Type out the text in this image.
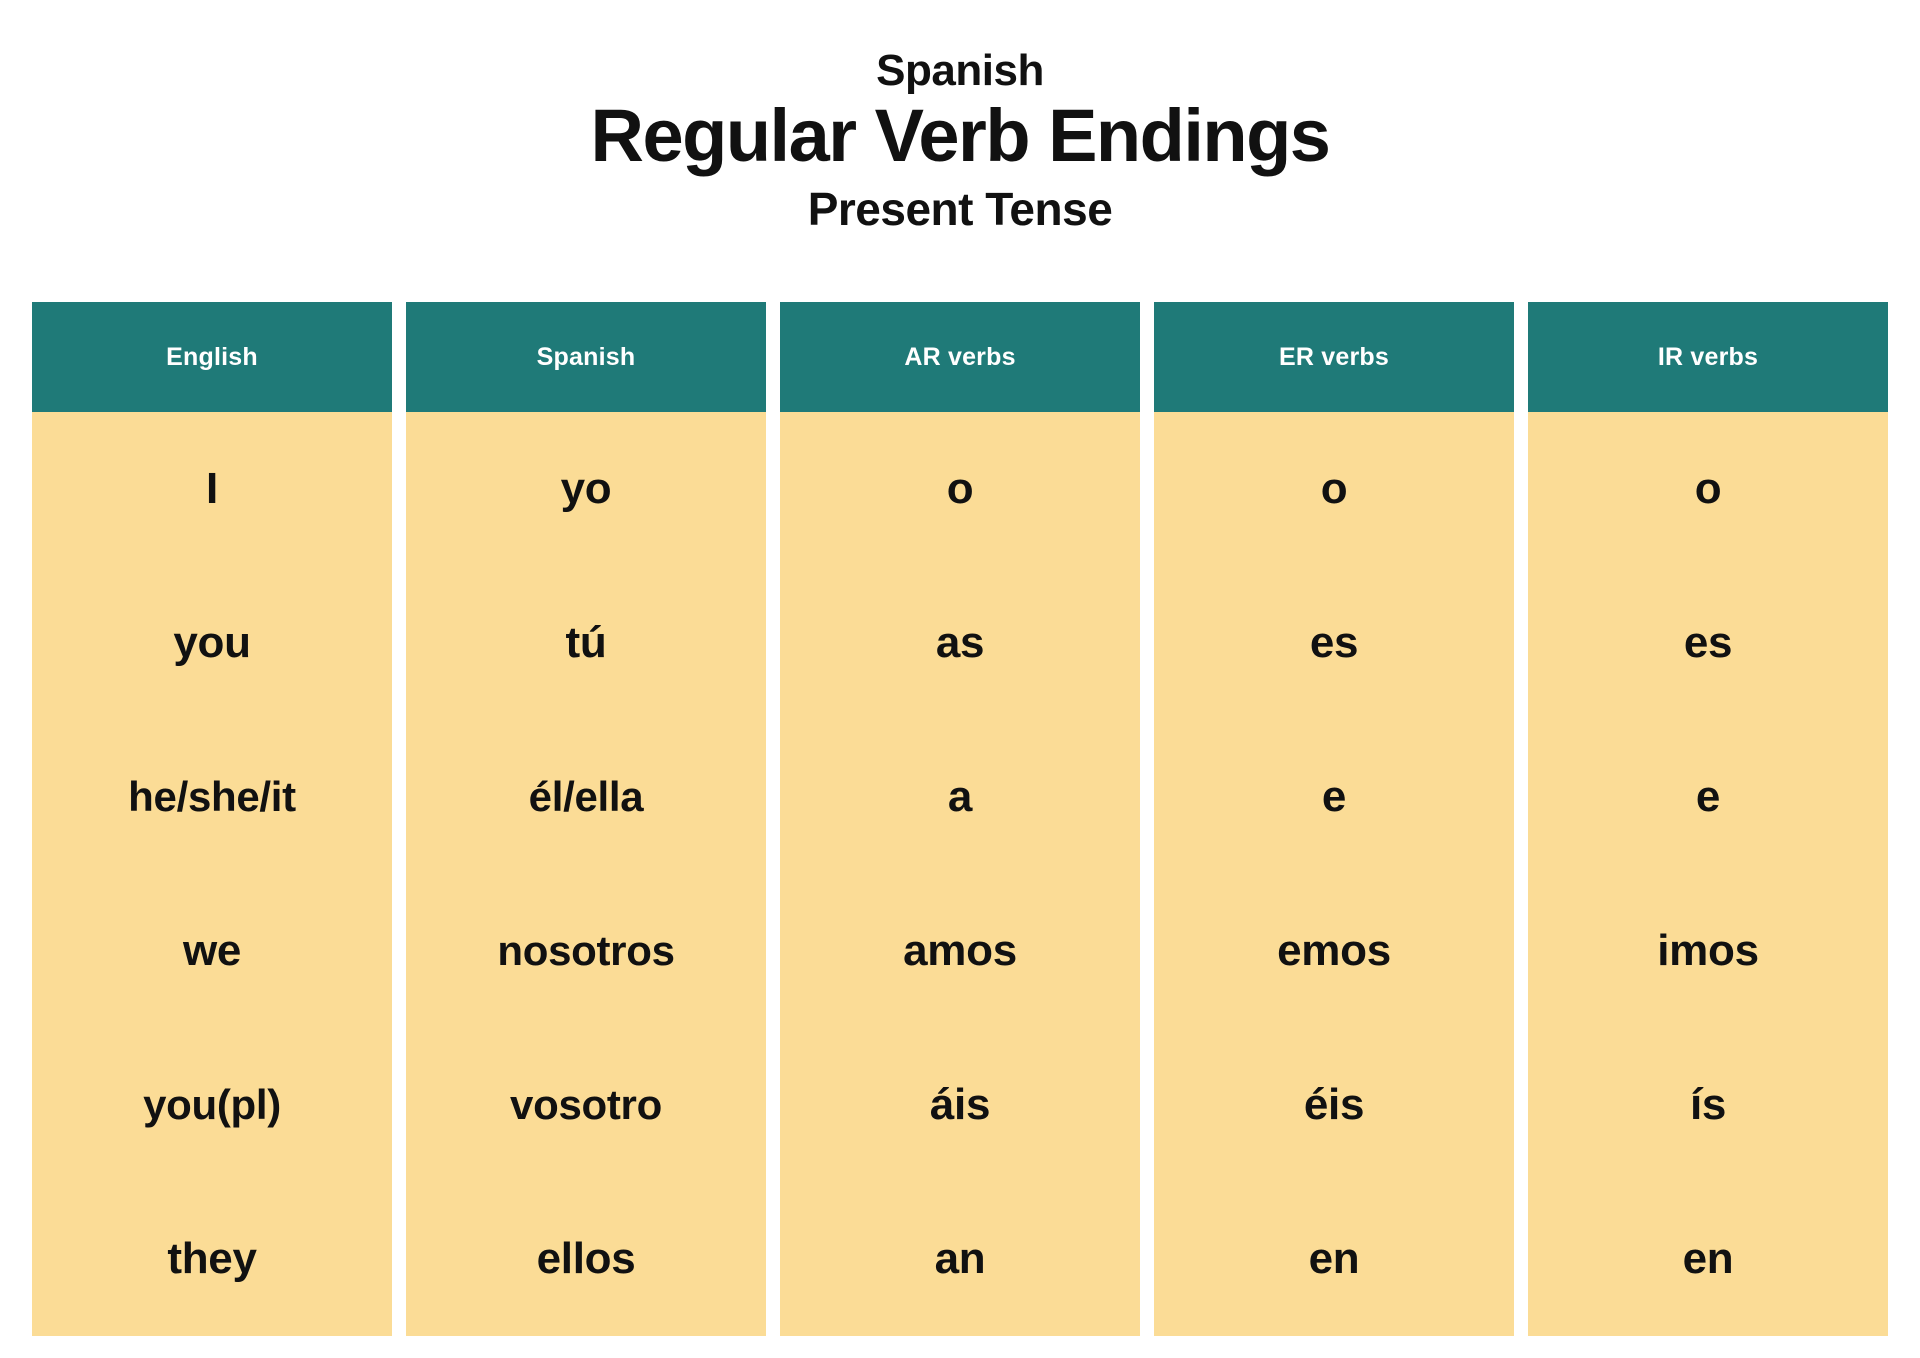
Spanish
Regular Verb Endings
Present Tense
English
I
you
he/she/it
we
you(pl)
they
Spanish
yo
tú
él/ella
nosotros
vosotro
ellos
AR verbs
o
as
a
amos
áis
an
ER verbs
o
es
e
emos
éis
en
IR verbs
o
es
e
imos
ís
en
